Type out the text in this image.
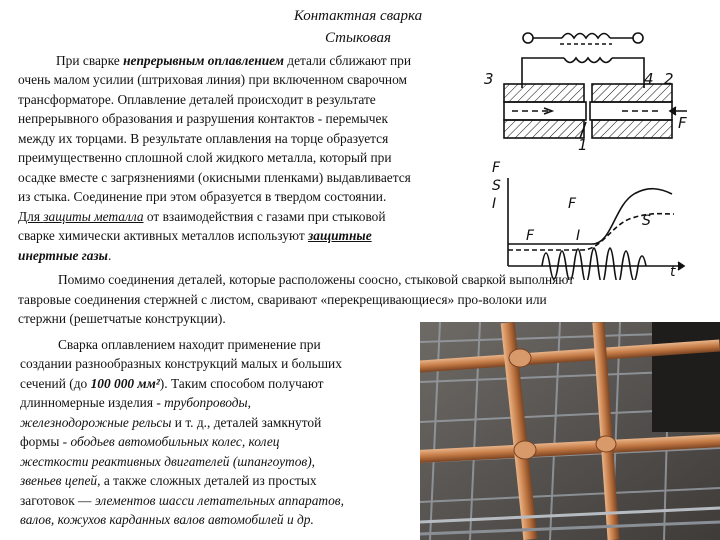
Контактная сварка
Стыковая
При сварке непрерывным оплавлением детали сближают при
очень малом усилии (штриховая линия) при включенном сварочном
трансформаторе. Оплавление деталей происходит в результате
непрерывного образования и разрушения контактов - перемычек
между их торцами. В результате оплавления на торце образуется
преимущественно сплошной слой жидкого металла, который при
осадке вместе с загрязнениями (окисными пленками) выдавливается
из стыка. Соединение при этом образуется в твердом состоянии.
Для защиты металла от взаимодействия с газами при стыковой
сварке химически активных металлов используют защитные
инертные газы.
Помимо соединения деталей, которые расположены соосно, стыковой сваркой выполняют
тавровые соединения стержней с листом, сваривают «перекрещивающиеся» про-волоки или
стержни (решетчатые конструкции).
Сварка оплавлением находит применение при
создании разнообразных конструкций малых и больших
сечений (до 100 000 мм²). Таким способом получают
длинномерные изделия - трубопроводы,
железнодорожные рельсы и т. д., деталей замкнутой
формы - ободьев автомобильных колес, колец
жесткости реактивных двигателей (шпангоутов),
звеньев цепей, а также сложных деталей из простых
заготовок — элементов шасси летательных аппаратов,
валов, кожухов карданных валов автомобилей и др.
3	4 2
1
F
F
S
I
t
F
S
I
F
